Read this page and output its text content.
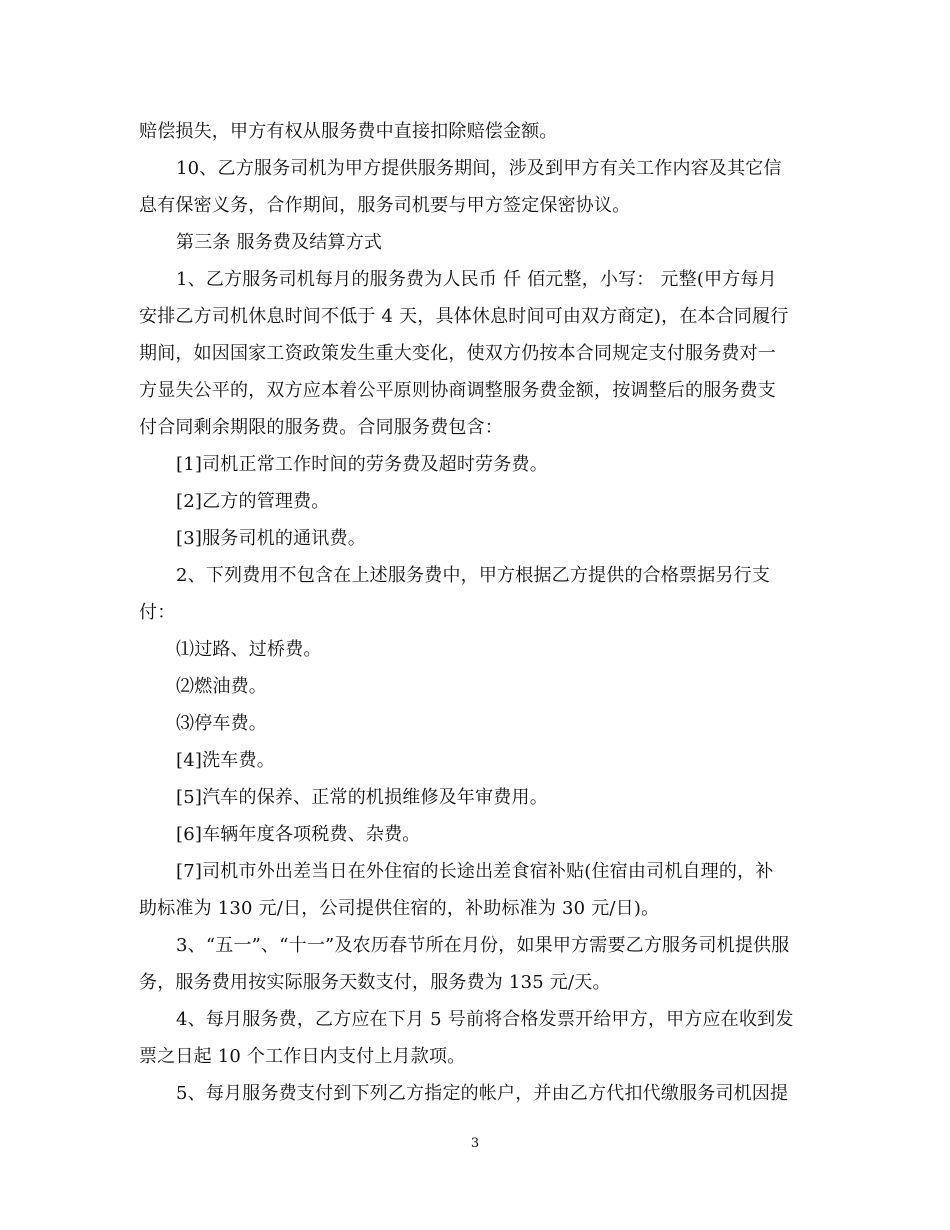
赔偿损失，甲方有权从服务费中直接扣除赔偿金额。
10、乙方服务司机为甲方提供服务期间，涉及到甲方有关工作内容及其它信
息有保密义务，合作期间，服务司机要与甲方签定保密协议。
第三条 服务费及结算方式
1、乙方服务司机每月的服务费为人民币 仟 佰元整，小写： 元整(甲方每月
安排乙方司机休息时间不低于 4 天，具体休息时间可由双方商定)，在本合同履行
期间，如因国家工资政策发生重大变化，使双方仍按本合同规定支付服务费对一
方显失公平的，双方应本着公平原则协商调整服务费金额，按调整后的服务费支
付合同剩余期限的服务费。合同服务费包含：
[1]司机正常工作时间的劳务费及超时劳务费。
[2]乙方的管理费。
[3]服务司机的通讯费。
2、下列费用不包含在上述服务费中，甲方根据乙方提供的合格票据另行支
付：
⑴过路、过桥费。
⑵燃油费。
⑶停车费。
[4]洗车费。
[5]汽车的保养、正常的机损维修及年审费用。
[6]车辆年度各项税费、杂费。
[7]司机市外出差当日在外住宿的长途出差食宿补贴(住宿由司机自理的，补
助标准为 130 元/日，公司提供住宿的，补助标准为 30 元/日)。
3、“五一”、“十一”及农历春节所在月份，如果甲方需要乙方服务司机提供服
务，服务费用按实际服务天数支付，服务费为 135 元/天。
4、每月服务费，乙方应在下月 5 号前将合格发票开给甲方，甲方应在收到发
票之日起 10 个工作日内支付上月款项。
5、每月服务费支付到下列乙方指定的帐户，并由乙方代扣代缴服务司机因提
3
